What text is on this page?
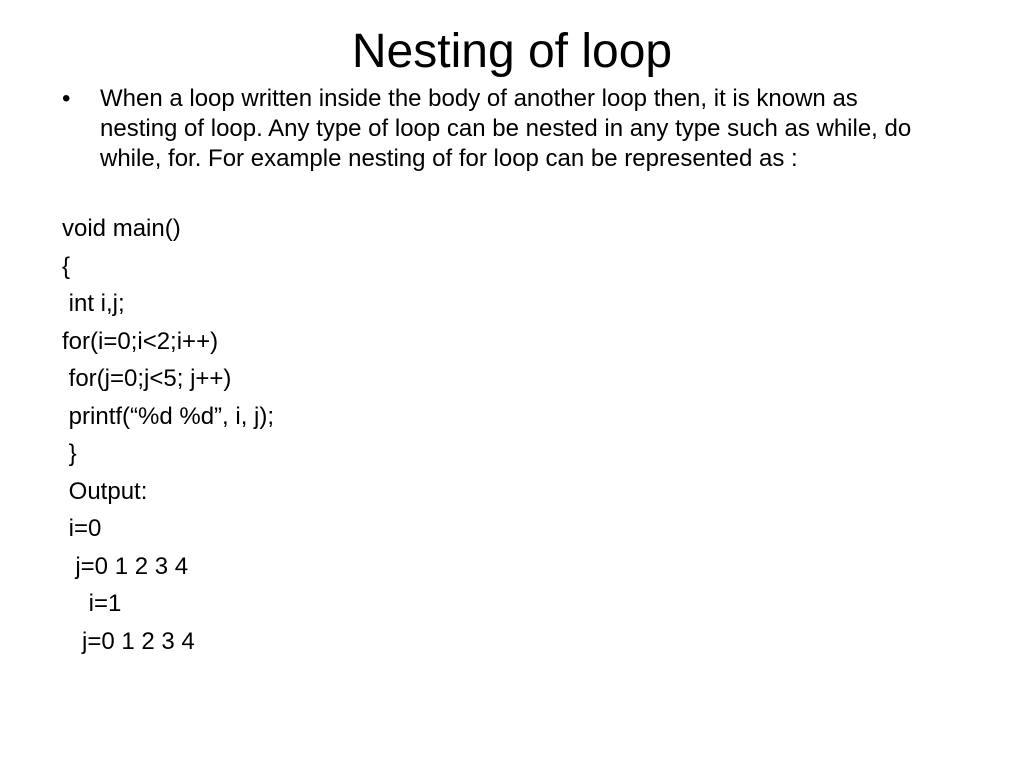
Nesting of loop
•	When a loop written inside the body of another loop then, it is known as nesting of loop. Any type of loop can be nested in any type such as while, do while, for. For example nesting of for loop can be represented as :
void main()
{
int i,j;
for(i=0;i<2;i++)
for(j=0;j<5; j++)
printf(“%d %d”, i, j);
}
Output:
i=0
j=0 1 2 3 4
i=1
j=0 1 2 3 4
